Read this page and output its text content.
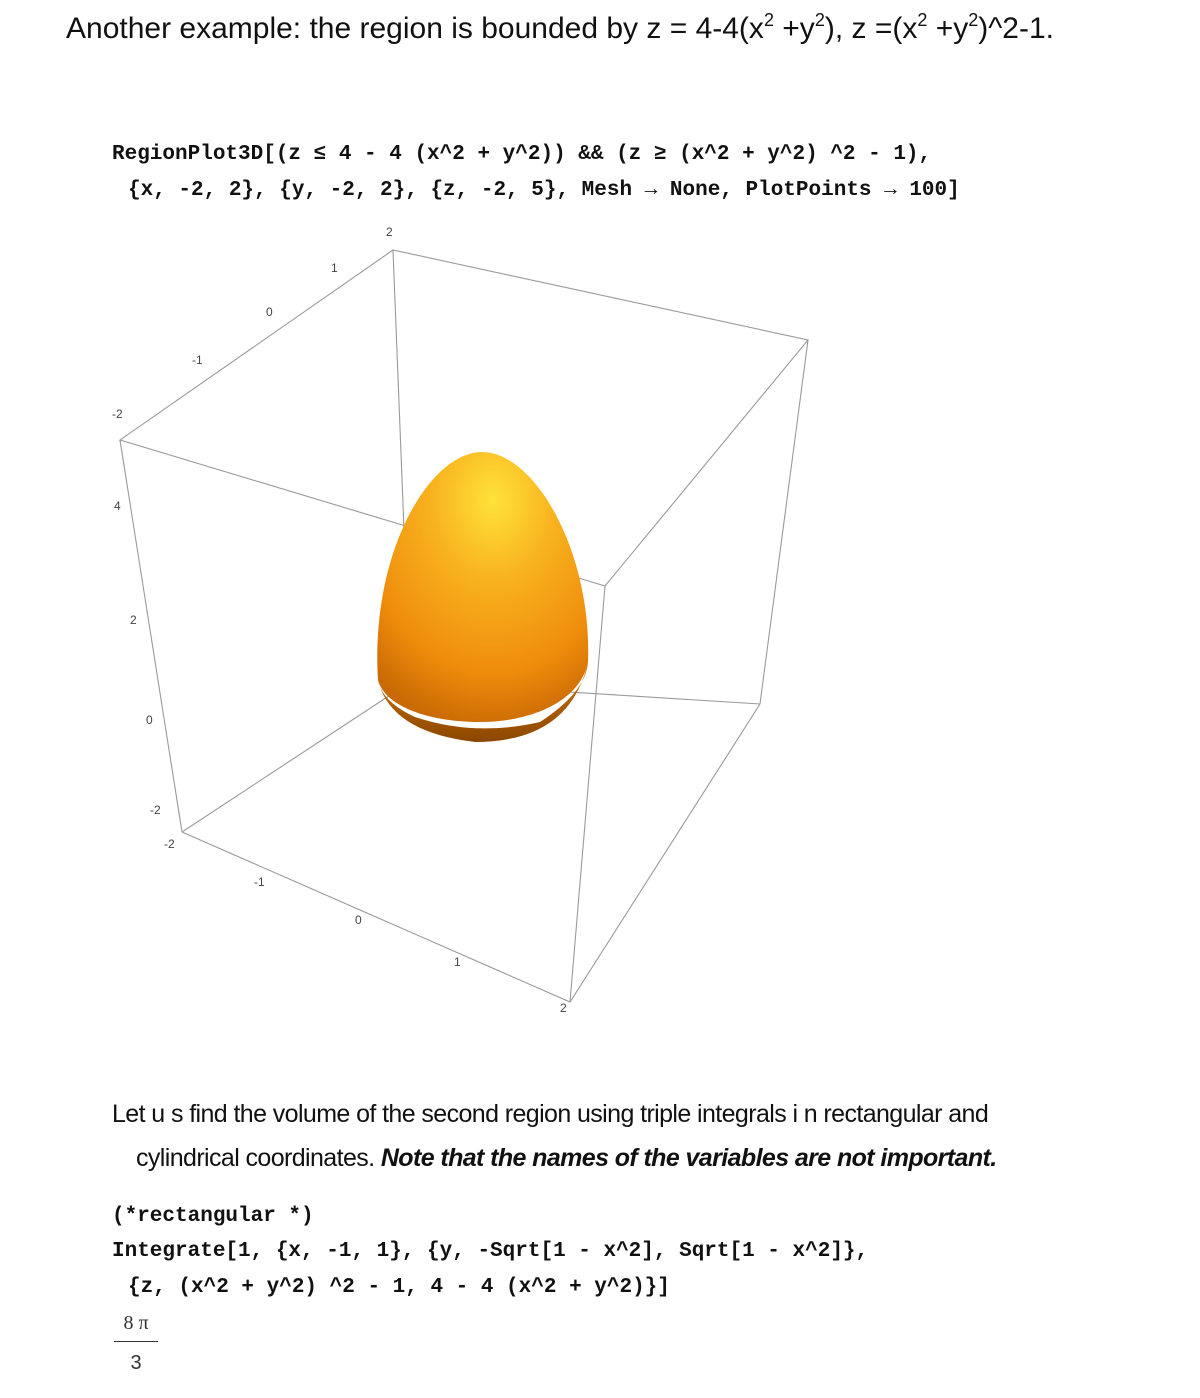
Another example: the region is bounded by $z = 4-4(x^2 +y^2)$, $z =(x^2$ $+y^2)\^{}2-1$.
RegionPlot3D[(z ≤ 4 - 4 (x^2 + y^2)) && (z ≥ (x^2 + y^2) ^2 - 1),
{x, -2, 2}, {y, -2, 2}, {z, -2, 5}, Mesh → None, PlotPoints → 100]
-2
-1
0
1
2
4
2
0
-2
-2
-1
0
1
2
Let u s find the volume of the second region using triple integrals i n rectangular and
cylindrical coordinates. Note that the names of the variables are not important.
(*rectangular *)
Integrate[1, {x, -1, 1}, {y, -Sqrt[1 - x^2], Sqrt[1 - x^2]},
{z, (x^2 + y^2) ^2 - 1, 4 - 4 (x^2 + y^2)}]
$\frac{8 \pi}{3}$
